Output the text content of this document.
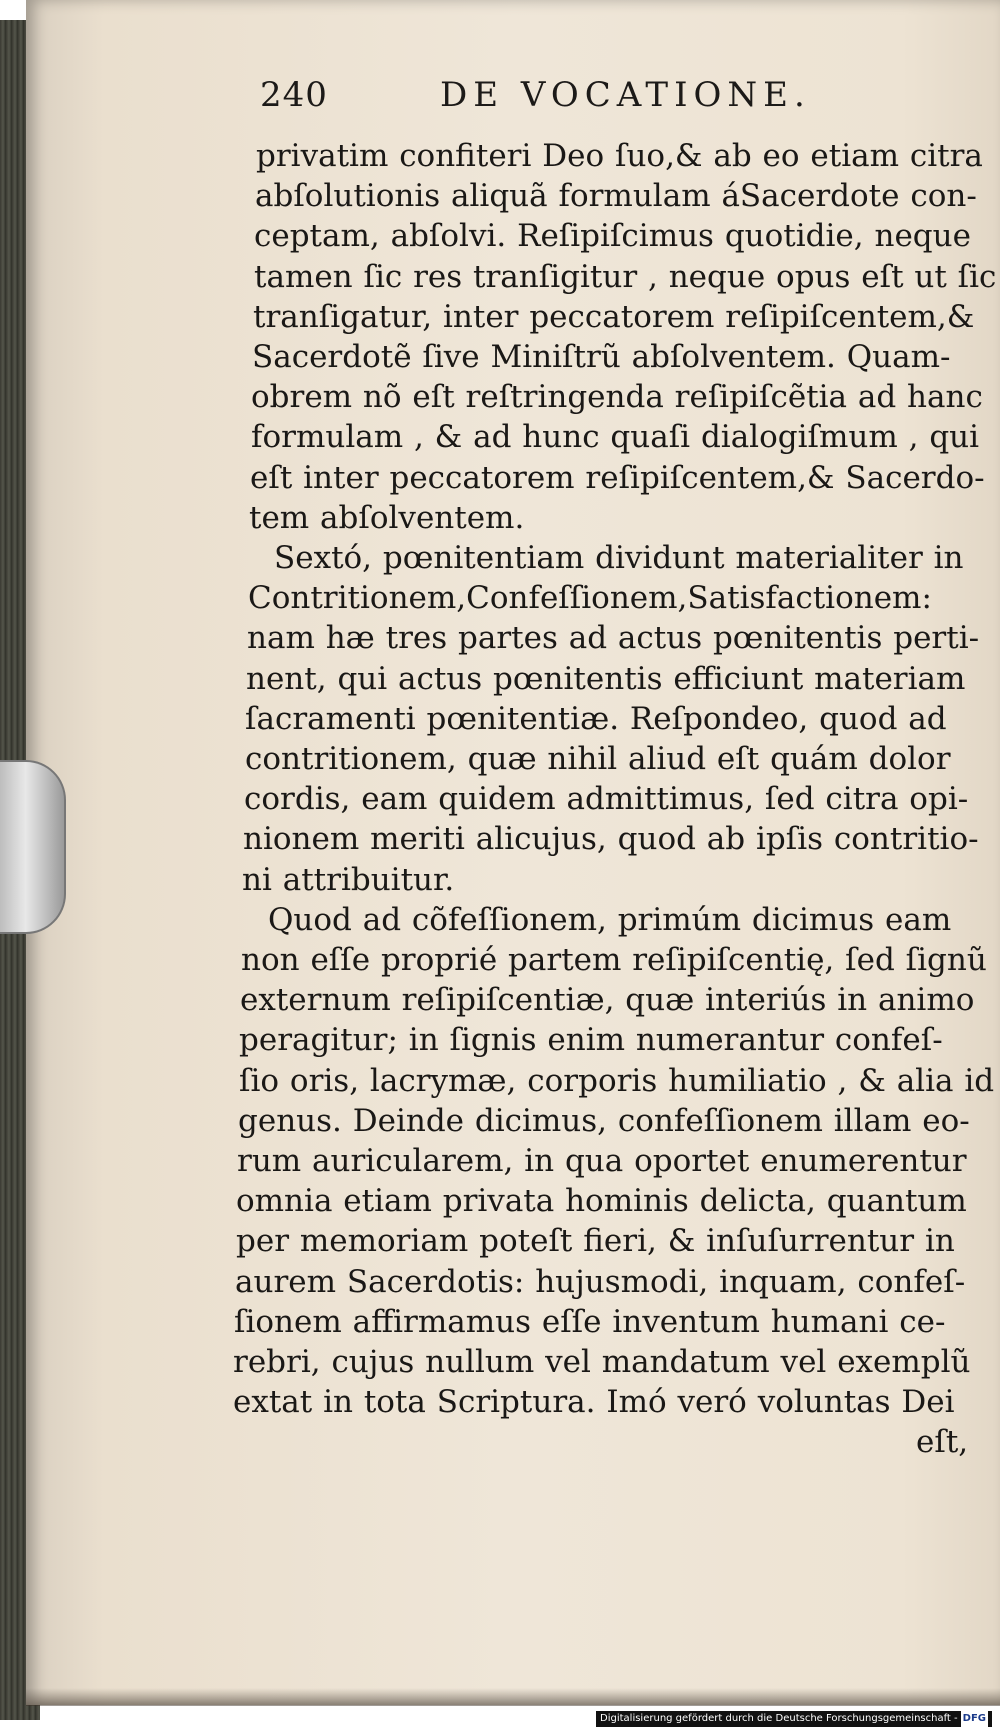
240	DE VOCATIONE.
privatim confiteri Deo ſuo,& ab eo etiam citra
abſolutionis aliquã formulam áSacerdote con-
ceptam, abſolvi. Reſipiſcimus quotidie, neque
tamen ſic res tranſigitur , neque opus eſt ut ſic
tranſigatur, inter peccatorem reſipiſcentem,&
Sacerdotẽ ſive Miniſtrũ abſolventem. Quam-
obrem nõ eſt reſtringenda reſipiſcẽtia ad hanc
formulam , & ad hunc quaſi dialogiſmum , qui
eſt inter peccatorem reſipiſcentem,& Sacerdo-
tem abſolventem.
Sextó, pœnitentiam dividunt materialiter in
Contritionem,Confeſſionem,Satisfactionem:
nam hæ tres partes ad actus pœnitentis perti-
nent, qui actus pœnitentis efficiunt materiam
ſacramenti pœnitentiæ. Reſpondeo, quod ad
contritionem, quæ nihil aliud eſt quám dolor
cordis, eam quidem admittimus, ſed citra opi-
nionem meriti alicujus, quod ab ipſis contritio-
ni attribuitur.
Quod ad cõfeſſionem, primúm dicimus eam
non eſſe proprié partem reſipiſcentię, ſed ſignũ
externum reſipiſcentiæ, quæ interiús in animo
peragitur; in ſignis enim numerantur confeſ-
ſio oris, lacrymæ, corporis humiliatio , & alia id
genus. Deinde dicimus, confeſſionem illam eo-
rum auricularem, in qua oportet enumerentur
omnia etiam privata hominis delicta, quantum
per memoriam poteſt fieri, & inſuſurrentur in
aurem Sacerdotis: hujusmodi, inquam, confeſ-
ſionem affirmamus eſſe inventum humani ce-
rebri, cujus nullum vel mandatum vel exemplũ
extat in tota Scriptura. Imó veró voluntas Dei
eſt,
Digitalisierung gefördert durch die Deutsche Forschungsgemeinschaft - DFG
